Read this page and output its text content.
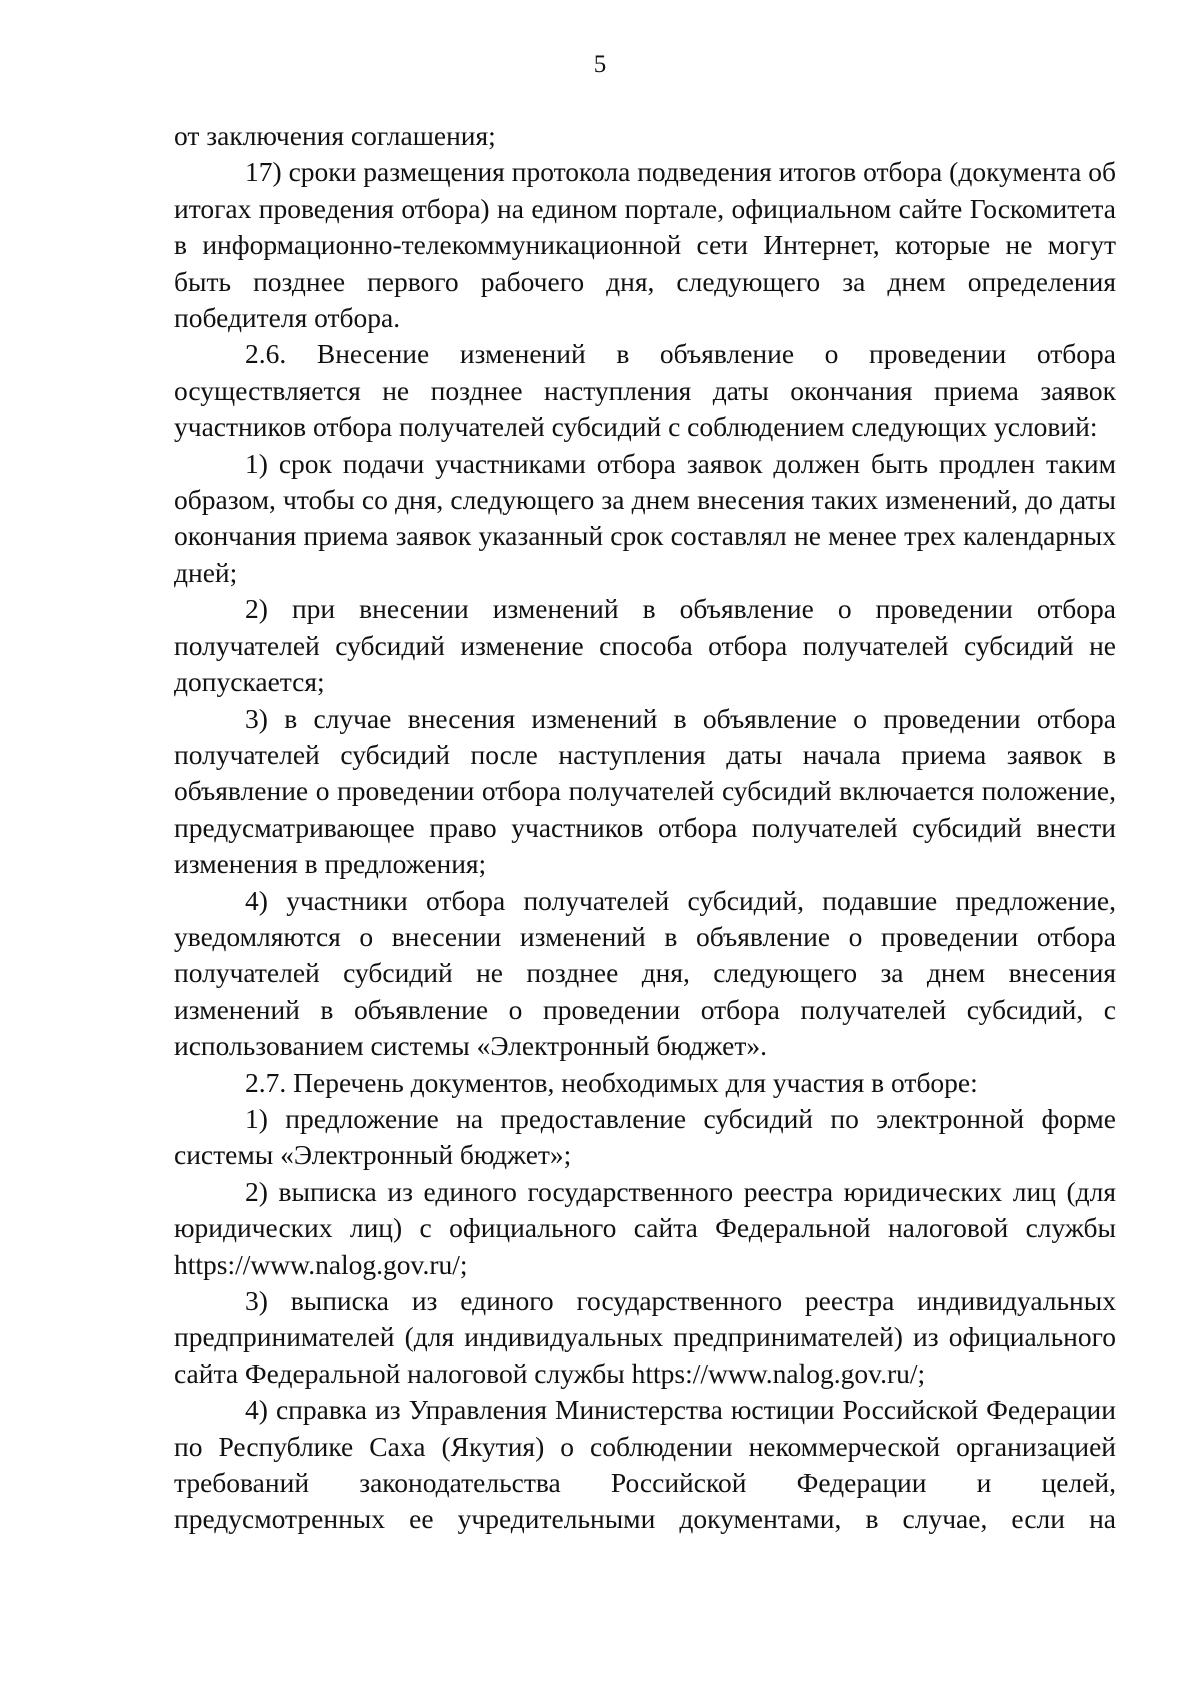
5

от заключения соглашения;

17) сроки размещения протокола подведения итогов отбора (документа об итогах проведения отбора) на едином портале, официальном сайте Госкомитета в информационно-телекоммуникационной сети Интернет, которые не могут быть позднее первого рабочего дня, следующего за днем определения победителя отбора.

2.6. Внесение изменений в объявление о проведении отбора осуществляется не позднее наступления даты окончания приема заявок участников отбора получателей субсидий с соблюдением следующих условий:

1) срок подачи участниками отбора заявок должен быть продлен таким образом, чтобы со дня, следующего за днем внесения таких изменений, до даты окончания приема заявок указанный срок составлял не менее трех календарных дней;

2) при внесении изменений в объявление о проведении отбора получателей субсидий изменение способа отбора получателей субсидий не допускается;

3) в случае внесения изменений в объявление о проведении отбора получателей субсидий после наступления даты начала приема заявок в объявление о проведении отбора получателей субсидий включается положение, предусматривающее право участников отбора получателей субсидий внести изменения в предложения;

4) участники отбора получателей субсидий, подавшие предложение, уведомляются о внесении изменений в объявление о проведении отбора получателей субсидий не позднее дня, следующего за днем внесения изменений в объявление о проведении отбора получателей субсидий, с использованием системы «Электронный бюджет».

2.7. Перечень документов, необходимых для участия в отборе:

1) предложение на предоставление субсидий по электронной форме системы «Электронный бюджет»;

2) выписка из единого государственного реестра юридических лиц (для юридических лиц) с официального сайта Федеральной налоговой службы https://www.nalog.gov.ru/;

3) выписка из единого государственного реестра индивидуальных предпринимателей (для индивидуальных предпринимателей) из официального сайта Федеральной налоговой службы https://www.nalog.gov.ru/;

4) справка из Управления Министерства юстиции Российской Федерации по Республике Саха (Якутия) о соблюдении некоммерческой организацией требований законодательства Российской Федерации и целей, предусмотренных ее учредительными документами, в случае, если на
